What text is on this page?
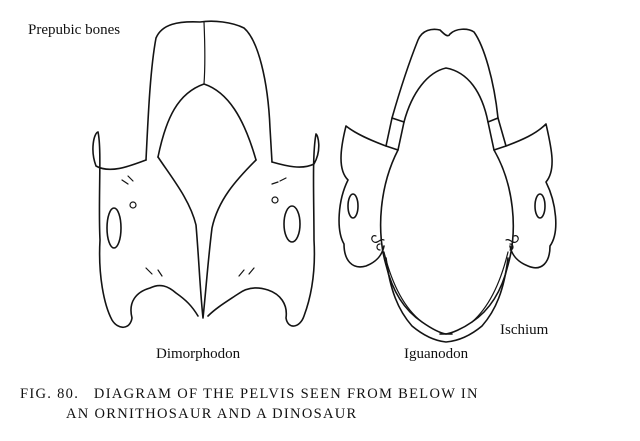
Prepubic bones
Dimorphodon	Iguanodon
Ischium
FIG. 80. DIAGRAM OF THE PELVIS SEEN FROM BELOW IN
AN ORNITHOSAUR AND A DINOSAUR
